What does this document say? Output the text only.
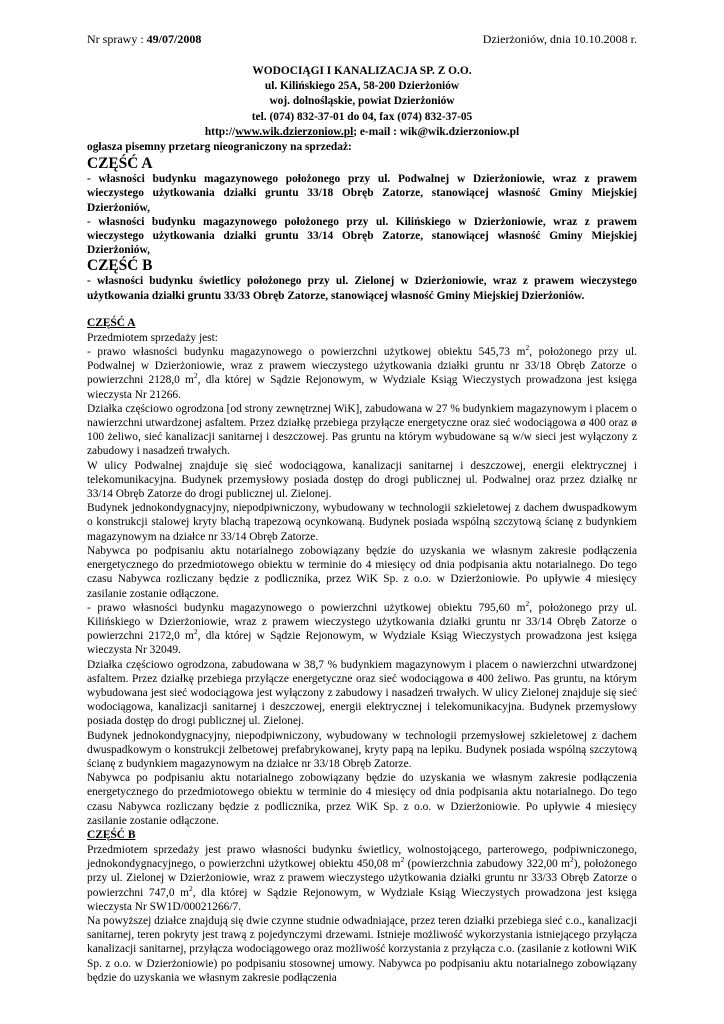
Nr sprawy : 49/07/2008	Dzierżoniów, dnia 10.10.2008 r.
WODOCIĄGI I KANALIZACJA SP. Z O.O.
ul. Kilińskiego 25A, 58-200 Dzierżoniów
woj. dolnośląskie, powiat Dzierżoniów
tel. (074) 832-37-01 do 04, fax (074) 832-37-05
http://www.wik.dzierzoniow.pl; e-mail : wik@wik.dzierzoniow.pl
ogłasza pisemny przetarg nieograniczony na sprzedaż:
CZĘŚĆ A
- własności budynku magazynowego położonego przy ul. Podwalnej w Dzierżoniowie, wraz z prawem wieczystego użytkowania działki gruntu 33/18 Obręb Zatorze, stanowiącej własność Gminy Miejskiej Dzierżoniów,
- własności budynku magazynowego położonego przy ul. Kilińskiego w Dzierżoniowie, wraz z prawem wieczystego użytkowania działki gruntu 33/14 Obręb Zatorze, stanowiącej własność Gminy Miejskiej Dzierżoniów,
CZĘŚĆ B
- własności budynku świetlicy położonego przy ul. Zielonej w Dzierżoniowie, wraz z prawem wieczystego użytkowania działki gruntu 33/33 Obręb Zatorze, stanowiącej własność Gminy Miejskiej Dzierżoniów.
CZĘŚĆ A
Przedmiotem sprzedaży jest:
- prawo własności budynku magazynowego o powierzchni użytkowej obiektu 545,73 $m^2$, położonego przy ul. Podwalnej w Dzierżoniowie, wraz z prawem wieczystego użytkowania działki gruntu nr 33/18 Obręb Zatorze o powierzchni 2128,0 $m^2$, dla której w Sądzie Rejonowym, w Wydziale Ksiąg Wieczystych prowadzona jest księga wieczysta Nr 21266.
Działka częściowo ogrodzona [od strony zewnętrznej WiK], zabudowana w 27 % budynkiem magazynowym i placem o nawierzchni utwardzonej asfaltem. Przez działkę przebiega przyłącze energetyczne oraz sieć wodociągowa ø 400 oraz ø 100 żeliwo, sieć kanalizacji sanitarnej i deszczowej. Pas gruntu na którym wybudowane są w/w sieci jest wyłączony z zabudowy i nasadzeń trwałych.
W ulicy Podwalnej znajduje się sieć wodociągowa, kanalizacji sanitarnej i deszczowej, energii elektrycznej i telekomunikacyjna. Budynek przemysłowy posiada dostęp do drogi publicznej ul. Podwalnej oraz przez działkę nr 33/14 Obręb Zatorze do drogi publicznej ul. Zielonej.
Budynek jednokondygnacyjny, niepodpiwniczony, wybudowany w technologii szkieletowej z dachem dwuspadkowym o konstrukcji stalowej kryty blachą trapezową ocynkowaną. Budynek posiada wspólną szczytową ścianę z budynkiem magazynowym na działce nr 33/14 Obręb Zatorze.
Nabywca po podpisaniu aktu notarialnego zobowiązany będzie do uzyskania we własnym zakresie podłączenia energetycznego do przedmiotowego obiektu w terminie do 4 miesięcy od dnia podpisania aktu notarialnego. Do tego czasu Nabywca rozliczany będzie z podlicznika, przez WiK Sp. z o.o. w Dzierżoniowie. Po upływie 4 miesięcy zasilanie zostanie odłączone.
- prawo własności budynku magazynowego o powierzchni użytkowej obiektu 795,60 $m^2$, położonego przy ul. Kilińskiego w Dzierżoniowie, wraz z prawem wieczystego użytkowania działki gruntu nr 33/14 Obręb Zatorze o powierzchni 2172,0 $m^2$, dla której w Sądzie Rejonowym, w Wydziale Ksiąg Wieczystych prowadzona jest księga wieczysta Nr 32049.
Działka częściowo ogrodzona, zabudowana w 38,7 % budynkiem magazynowym i placem o nawierzchni utwardzonej asfaltem. Przez działkę przebiega przyłącze energetyczne oraz sieć wodociągowa ø 400 żeliwo. Pas gruntu, na którym wybudowana jest sieć wodociągowa jest wyłączony z zabudowy i nasadzeń trwałych. W ulicy Zielonej znajduje się sieć wodociągowa, kanalizacji sanitarnej i deszczowej, energii elektrycznej i telekomunikacyjna. Budynek przemysłowy posiada dostęp do drogi publicznej ul. Zielonej.
Budynek jednokondygnacyjny, niepodpiwniczony, wybudowany w technologii przemysłowej szkieletowej z dachem dwuspadkowym o konstrukcji żelbetowej prefabrykowanej, kryty papą na lepiku. Budynek posiada wspólną szczytową ścianę z budynkiem magazynowym na działce nr 33/18 Obręb Zatorze.
Nabywca po podpisaniu aktu notarialnego zobowiązany będzie do uzyskania we własnym zakresie podłączenia energetycznego do przedmiotowego obiektu w terminie do 4 miesięcy od dnia podpisania aktu notarialnego. Do tego czasu Nabywca rozliczany będzie z podlicznika, przez WiK Sp. z o.o. w Dzierżoniowie. Po upływie 4 miesięcy zasilanie zostanie odłączone.
CZĘŚĆ B
Przedmiotem sprzedaży jest prawo własności budynku świetlicy, wolnostojącego, parterowego, podpiwniczonego, jednokondygnacyjnego, o powierzchni użytkowej obiektu 450,08 $m^2$ (powierzchnia zabudowy 322,00 $m^2$), położonego przy ul. Zielonej w Dzierżoniowie, wraz z prawem wieczystego użytkowania działki gruntu nr 33/33 Obręb Zatorze o powierzchni 747,0 $m^2$, dla której w Sądzie Rejonowym, w Wydziale Ksiąg Wieczystych prowadzona jest księga wieczysta Nr SW1D/00021266/7.
Na powyższej działce znajdują się dwie czynne studnie odwadniające, przez teren działki przebiega sieć c.o., kanalizacji sanitarnej, teren pokryty jest trawą z pojedynczymi drzewami. Istnieje możliwość wykorzystania istniejącego przyłącza kanalizacji sanitarnej, przyłącza wodociągowego oraz możliwość korzystania z przyłącza c.o. (zasilanie z kotłowni WiK Sp. z o.o. w Dzierżoniowie) po podpisaniu stosownej umowy. Nabywca po podpisaniu aktu notarialnego zobowiązany będzie do uzyskania we własnym zakresie podłączenia
